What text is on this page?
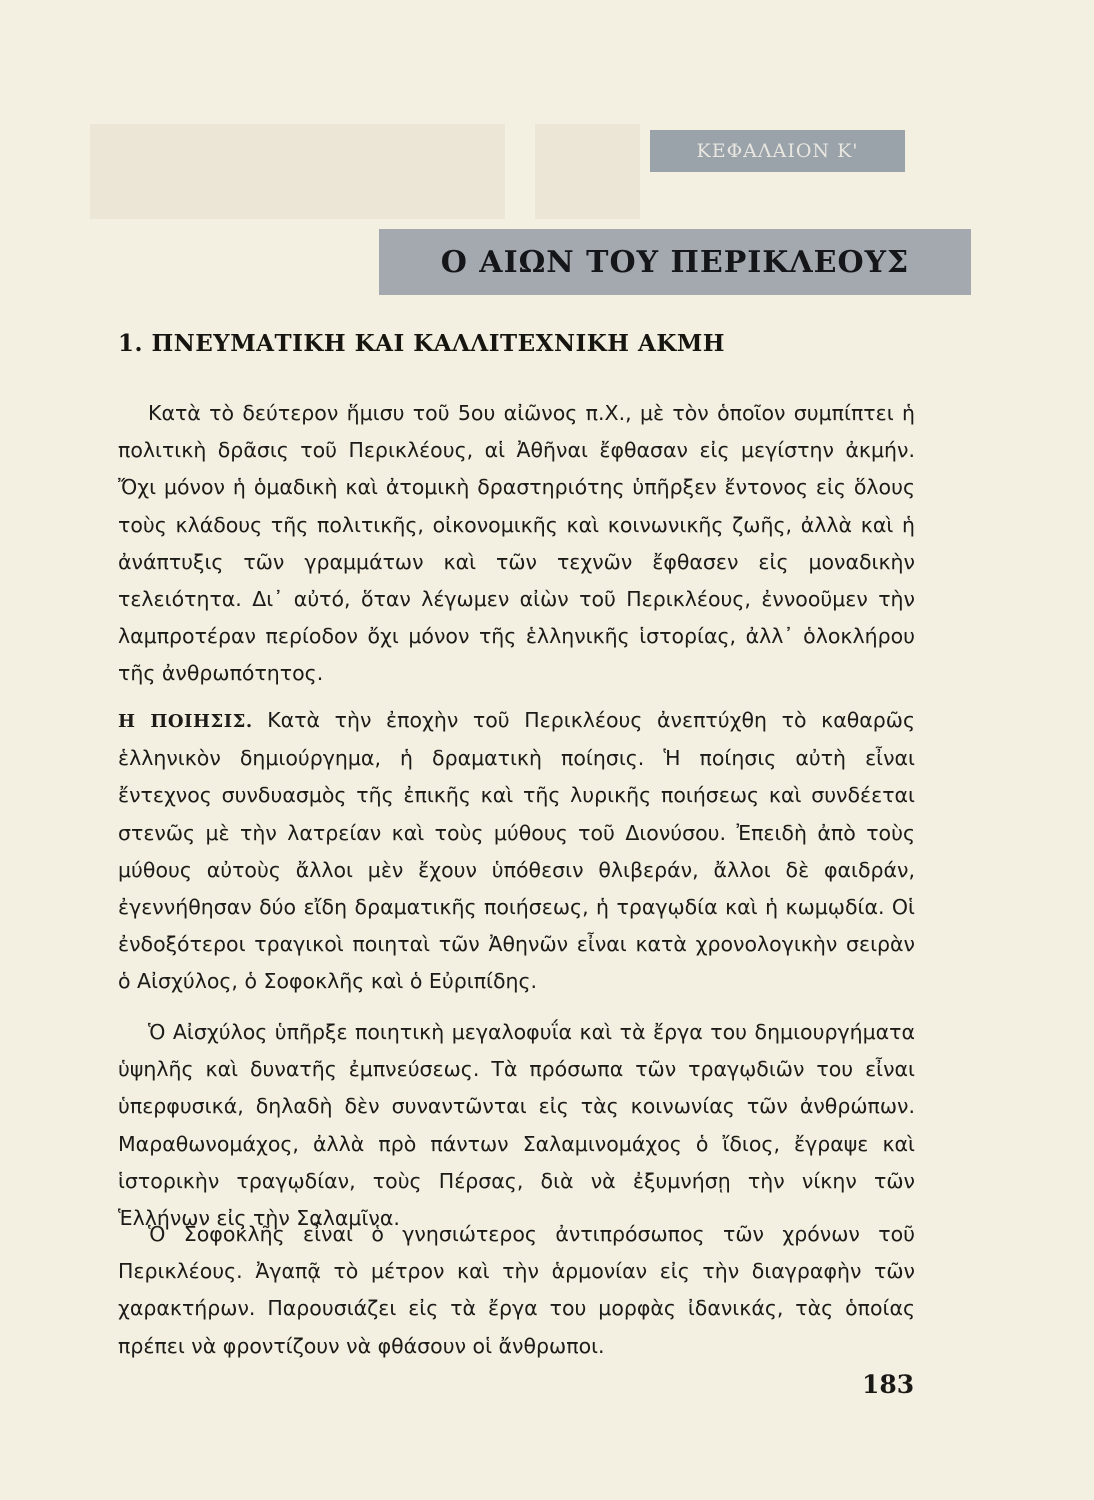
ΚΕΦΑΛΑΙΟΝ Κ'
Ο ΑΙΩΝ ΤΟΥ ΠΕΡΙΚΛΕΟΥΣ
1. ΠΝΕΥΜΑΤΙΚΗ ΚΑΙ ΚΑΛΛΙΤΕΧΝΙΚΗ ΑΚΜΗ

Κατὰ τὸ δεύτερον ἥμισυ τοῦ 5ου αἰῶνος π.Χ., μὲ τὸν ὁποῖον συμπίπτει ἡ πολιτικὴ δρᾶσις τοῦ Περικλέους, αἱ Ἀθῆναι ἔφθασαν εἰς μεγίστην ἀκμήν. Ὄχι μόνον ἡ ὁμαδικὴ καὶ ἀτομικὴ δραστηριότης ὑπῆρξεν ἔντονος εἰς ὅλους τοὺς κλάδους τῆς πολιτικῆς, οἰκονομικῆς καὶ κοινωνικῆς ζωῆς, ἀλλὰ καὶ ἡ ἀνάπτυξις τῶν γραμμάτων καὶ τῶν τεχνῶν ἔφθασεν εἰς μοναδικὴν τελειότητα. Δι᾽ αὐτό, ὅταν λέγωμεν αἰὼν τοῦ Περικλέους, ἐννοοῦμεν τὴν λαμπροτέραν περίοδον ὄχι μόνον τῆς ἑλληνικῆς ἱστορίας, ἀλλ᾽ ὁλοκλήρου τῆς ἀνθρωπότητος.

Η ΠΟΙΗΣΙΣ. Κατὰ τὴν ἐποχὴν τοῦ Περικλέους ἀνεπτύχθη τὸ καθαρῶς ἑλληνικὸν δημιούργημα, ἡ δραματικὴ ποίησις. Ἡ ποίησις αὐτὴ εἶναι ἔντεχνος συνδυασμὸς τῆς ἐπικῆς καὶ τῆς λυρικῆς ποιήσεως καὶ συνδέεται στενῶς μὲ τὴν λατρείαν καὶ τοὺς μύθους τοῦ Διονύσου. Ἐπειδὴ ἀπὸ τοὺς μύθους αὐτοὺς ἄλλοι μὲν ἔχουν ὑπόθεσιν θλιβεράν, ἄλλοι δὲ φαιδράν, ἐγεννήθησαν δύο εἴδη δραματικῆς ποιήσεως, ἡ τραγῳδία καὶ ἡ κωμῳδία. Οἱ ἐνδοξότεροι τραγικοὶ ποιηταὶ τῶν Ἀθηνῶν εἶναι κατὰ χρονολογικὴν σειρὰν ὁ Αἰσχύλος, ὁ Σοφοκλῆς καὶ ὁ Εὐριπίδης.

Ὁ Αἰσχύλος ὑπῆρξε ποιητικὴ μεγαλοφυΐα καὶ τὰ ἔργα του δημιουργήματα ὑψηλῆς καὶ δυνατῆς ἐμπνεύσεως. Τὰ πρόσωπα τῶν τραγῳδιῶν του εἶναι ὑπερφυσικά, δηλαδὴ δὲν συναντῶνται εἰς τὰς κοινωνίας τῶν ἀνθρώπων. Μαραθωνομάχος, ἀλλὰ πρὸ πάντων Σαλαμινομάχος ὁ ἴδιος, ἔγραψε καὶ ἱστορικὴν τραγῳδίαν, τοὺς Πέρσας, διὰ νὰ ἐξυμνήσῃ τὴν νίκην τῶν Ἑλλήνων εἰς τὴν Σαλαμῖνα.

Ὁ Σοφοκλῆς εἶναι ὁ γνησιώτερος ἀντιπρόσωπος τῶν χρόνων τοῦ Περικλέους. Ἀγαπᾷ τὸ μέτρον καὶ τὴν ἁρμονίαν εἰς τὴν διαγραφὴν τῶν χαρακτήρων. Παρουσιάζει εἰς τὰ ἔργα του μορφὰς ἰδανικάς, τὰς ὁποίας πρέπει νὰ φροντίζουν νὰ φθάσουν οἱ ἄνθρωποι.

183
